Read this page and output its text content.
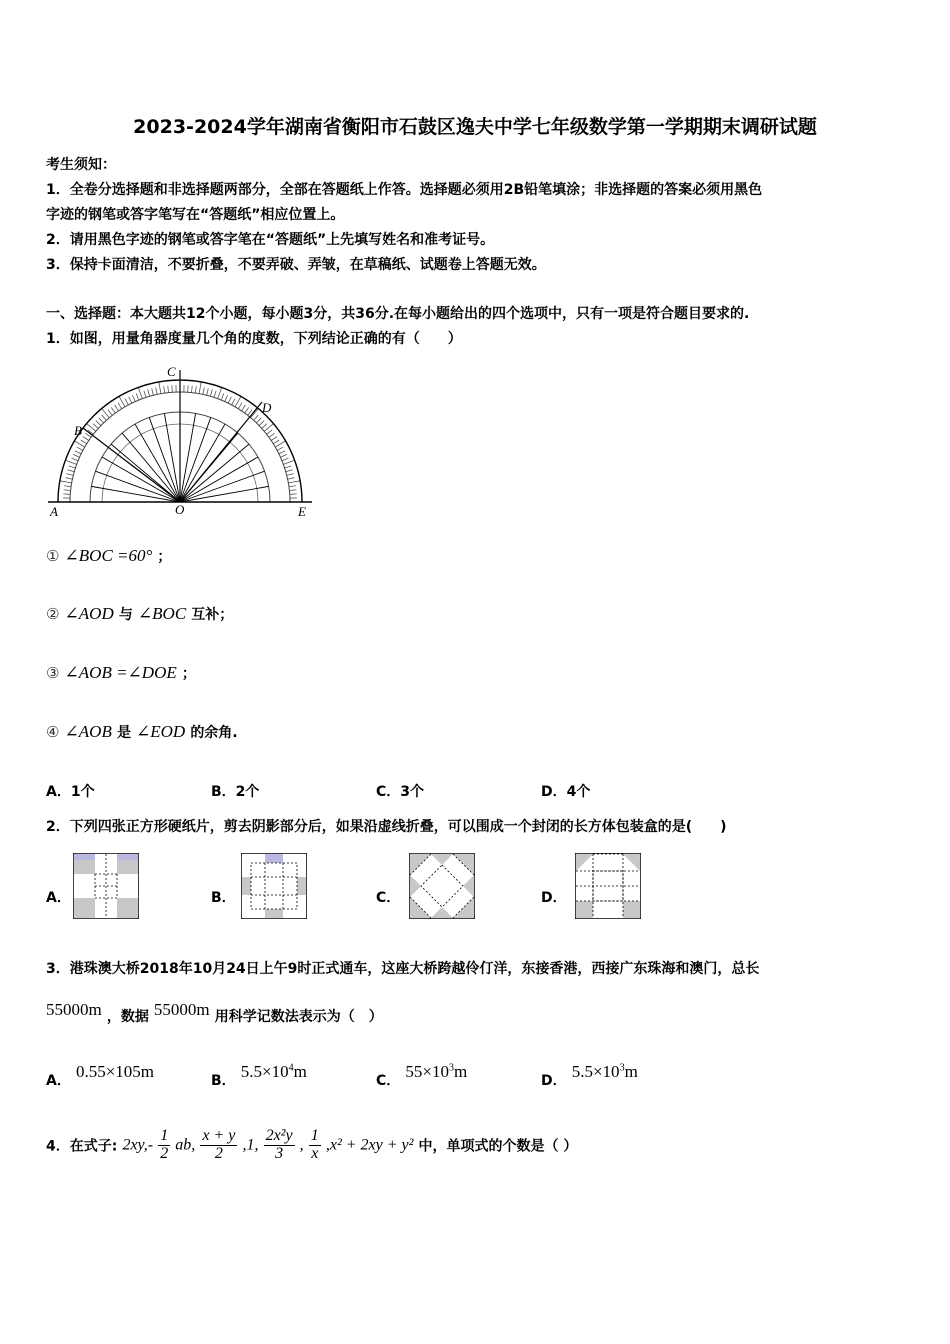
2023-2024学年湖南省衡阳市石鼓区逸夫中学七年级数学第一学期期末调研试题
考生须知：
1．全卷分选择题和非选择题两部分，全部在答题纸上作答。选择题必须用2B铅笔填涂；非选择题的答案必须用黑色
字迹的钢笔或答字笔写在“答题纸”相应位置上。
2．请用黑色字迹的钢笔或答字笔在“答题纸”上先填写姓名和准考证号。
3．保持卡面清洁，不要折叠，不要弄破、弄皱，在草稿纸、试题卷上答题无效。
一、选择题：本大题共12个小题，每小题3分，共36分.在每小题给出的四个选项中，只有一项是符合题目要求的.
1．如图，用量角器度量几个角的度数，下列结论正确的有（　　）
C
B
D
A	O	E
① ∠BOC =60° ；
② ∠AOD 与 ∠BOC 互补；
③ ∠AOB =∠DOE ；
④ ∠AOB 是 ∠EOD 的余角.
A．1个	B．2个	C．3个	D．4个
2．下列四张正方形硬纸片，剪去阴影部分后，如果沿虚线折叠，可以围成一个封闭的长方体包装盒的是(　　)
A．	B．	C．	D．
3．港珠澳大桥2018年10月24日上午9时正式通车，这座大桥跨越伶仃洋，东接香港，西接广东珠海和澳门，总长
55000m ，数据 55000m 用科学记数法表示为（　）
A． 0.55×105m	B． $5.5\times 10^4m$	C． $55\times 10^3m$	D． $5.5\times 10^3m$
4．在式子: $2xy,- \frac{1}{2}$ ab, $\frac{x + y}{2} ,1$, $\frac{\text{2x²y}}{3}$ , $\frac{1}{x} ,x^2 + 2xy + y^2$ 中，单项式的个数是（ ）
